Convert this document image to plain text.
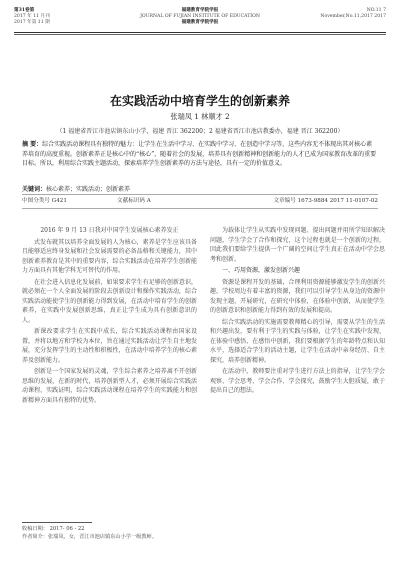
第31卷第
2017 年 11 月刊
2017 年第 11 期
福建教育学院学报
JOURNAL OF FUJIAN INSTITUTE OF EDUCATION
福建教育学院学报
NO.11 7
November,No.11,2017 2017
在实践活动中培育学生的创新素养
张瑞凤 1 林顺才 2
（1 福建省晋江市池店镇东山小学，福建 晋江 362200；2 福建省晋江市池店教委办，福建 晋江 362200）
摘 要：综合实践活动课程具有独特的魅力：让学生在生活中学习、在实践中学习、在创造中学习等，这些内容无不体现出其对核心素养培育的高度重视。创新素养正是核心中的“核心”，随着社会的发展，培养具有创新精神和创新能力的人才已成为国家教育改革的重要目标。所以，利用综合实践主题活动，探索培养学生创新素养的方法与途径，具有一定的价值意义。
关键词：核心素养；实践活动；创新素养
中图分类号 G421	文献标识码 A	文章编号 1673-9884 2017 11-0107-02

2016 年 9 月 13 日我对中国学生发展核心素养发正

式发布就其以培养全面发展的人为核心，素养是学生应该具备且能够适应终身发展和社会发展需要的必备品格和关键能力，其中创新素养教育是其中的重要内容，综合实践活动在培养学生创新能力方面具有其他学科无可替代的作用。

在社会进入信息化发展前，如果要求学生有足够的创新意识，就必须在一个人全面发展的阶段去创新设计和操作实践活动，综合实践活动能使学生的创新能力得到发展，在活动中培育学生的创新素养，在实践中发展创新思维，真正让学生成为具有创新意识的人。

新课改要求学生在实践中成长，综合实践活动课程由国家设置，并将以地方和学校为本位，旨在通过实践活动让学生自主地发展，充分发挥学生的主动性和积极性，在活动中培养学生的核心素养及创新能力。

创新是一个国家发展的灵魂，学生综合素养之培养离不开创新思维的发展，在新的时代，培养创新型人才，必须开展综合实践活动课程，实践证明，综合实践活动课程在培养学生的实践能力和创新精神方面具有独特的优势。

为载体让学生从实践中发现问题、提出问题并用所学知识解决问题，学生学会了合作和探究，这个过程也就是一个创新的过程，因此我们要给学生提供一个广阔的空间让学生真正在活动中学会思考和创新。

一、巧用资源，激发创新兴趣

资源是课程开发的基础，合理利用资源能够激发学生的创新兴趣，学校周边有着丰富的资源，我们可以引导学生从身边的资源中发现主题，开展研究，在研究中体验，在体验中创新，从而使学生的创新意识和创新能力得到有效的发展和提高。

综合实践活动的实施需要教师精心的引导，需要从学生的生活和兴趣出发，要有利于学生的实践与体验，让学生在实践中发现、在体验中感悟、在感悟中创新，我们要根据学生的年龄特点和认知水平，选择适合学生的活动主题，让学生在活动中亲身经历、自主探究，培养创新精神。

在活动中，教师要注重对学生进行方法上的指导，让学生学会观察、学会思考、学会合作、学会探究，鼓励学生大胆质疑，敢于提出自己的想法。

收稿日期： 2017- 06 - 22
作者简介：张瑞凤，女，晋江市池店镇东山小学一级教师。
